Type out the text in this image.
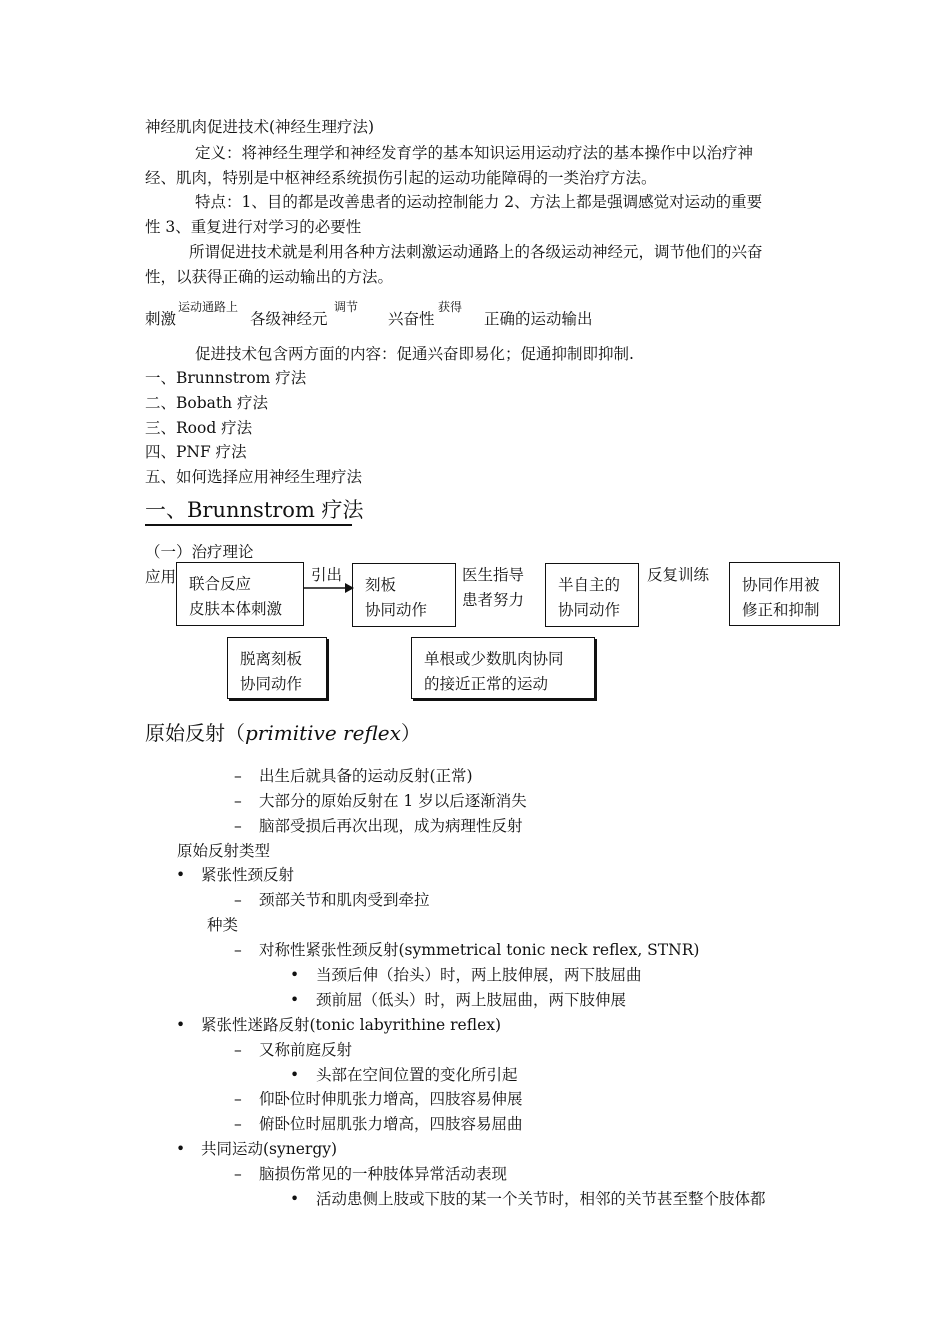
神经肌肉促进技术(神经生理疗法)
定义：将神经生理学和神经发育学的基本知识运用运动疗法的基本操作中以治疗神
经、肌肉，特别是中枢神经系统损伤引起的运动功能障碍的一类治疗方法。
特点：1、目的都是改善患者的运动控制能力 2、方法上都是强调感觉对运动的重要
性 3、重复进行对学习的必要性
所谓促进技术就是利用各种方法刺激运动通路上的各级运动神经元，调节他们的兴奋
性，以获得正确的运动输出的方法。
刺激
运动通路上
各级神经元
调节
兴奋性
获得
正确的运动输出
促进技术包含两方面的内容：促通兴奋即易化；促通抑制即抑制.
一、Brunnstrom 疗法
二、Bobath 疗法
三、Rood 疗法
四、PNF 疗法
五、如何选择应用神经生理疗法
一、Brunnstrom 疗法
（一）治疗理论
应用 联合反应
皮肤本体刺激
引出
刻板
协同动作
医生指导
患者努力
半自主的
协同动作
反复训练
协同作用被
修正和抑制
脱离刻板
协同动作
单根或少数肌肉协同
的接近正常的运动
原始反射（primitive reflex）
– 出生后就具备的运动反射(正常)
– 大部分的原始反射在 1 岁以后逐渐消失
– 脑部受损后再次出现，成为病理性反射
原始反射类型
• 紧张性颈反射
– 颈部关节和肌肉受到牵拉
种类
– 对称性紧张性颈反射(symmetrical tonic neck reflex, STNR)
• 当颈后伸（抬头）时，两上肢伸展，两下肢屈曲
• 颈前屈（低头）时，两上肢屈曲，两下肢伸展
• 紧张性迷路反射(tonic labyrithine reflex)
– 又称前庭反射
• 头部在空间位置的变化所引起
– 仰卧位时伸肌张力增高，四肢容易伸展
– 俯卧位时屈肌张力增高，四肢容易屈曲
• 共同运动(synergy)
– 脑损伤常见的一种肢体异常活动表现
• 活动患侧上肢或下肢的某一个关节时，相邻的关节甚至整个肢体都
